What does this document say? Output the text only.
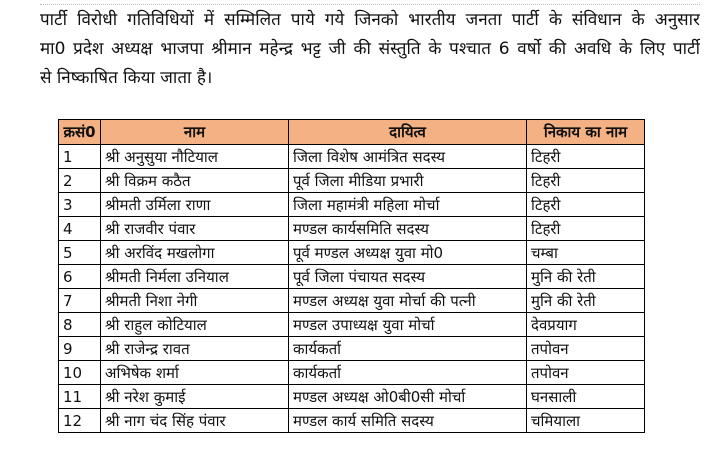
पार्टी विरोधी गतिविधियों में सम्मिलित पाये गये जिनको भारतीय जनता पार्टी के संविधान के अनुसार
मा0 प्रदेश अध्यक्ष भाजपा श्रीमान महेन्द्र भट्ट जी की संस्तुति के पश्चात 6 वर्षो की अवधि के लिए पार्टी
से निष्काषित किया जाता है।
क्रसं0	नाम	दायित्व	निकाय का नाम
1	श्री अनुसुया नौटियाल	जिला विशेष आमंत्रित सदस्य	टिहरी
2	श्री विक्रम कठैत	पूर्व जिला मीडिया प्रभारी	टिहरी
3	श्रीमती उर्मिला राणा	जिला महामंत्री महिला मोर्चा	टिहरी
4	श्री राजवीर पंवार	मण्डल कार्यसमिति सदस्य	टिहरी
5	श्री अरविंद मखलोगा	पूर्व मण्डल अध्यक्ष युवा मो0	चम्बा
6	श्रीमती निर्मला उनियाल	पूर्व जिला पंचायत सदस्य	मुनि की रेती
7	श्रीमती निशा नेगी	मण्डल अध्यक्ष युवा मोर्चा की पत्नी	मुनि की रेती
8	श्री राहुल कोटियाल	मण्डल उपाध्यक्ष युवा मोर्चा	देवप्रयाग
9	श्री राजेन्द्र रावत	कार्यकर्ता	तपोवन
10	अभिषेक शर्मा	कार्यकर्ता	तपोवन
11	श्री नरेश कुमाई	मण्डल अध्यक्ष ओ0बी0सी मोर्चा	घनसाली
12	श्री नाग चंद सिंह पंवार	मण्डल कार्य समिति सदस्य	चमियाला
